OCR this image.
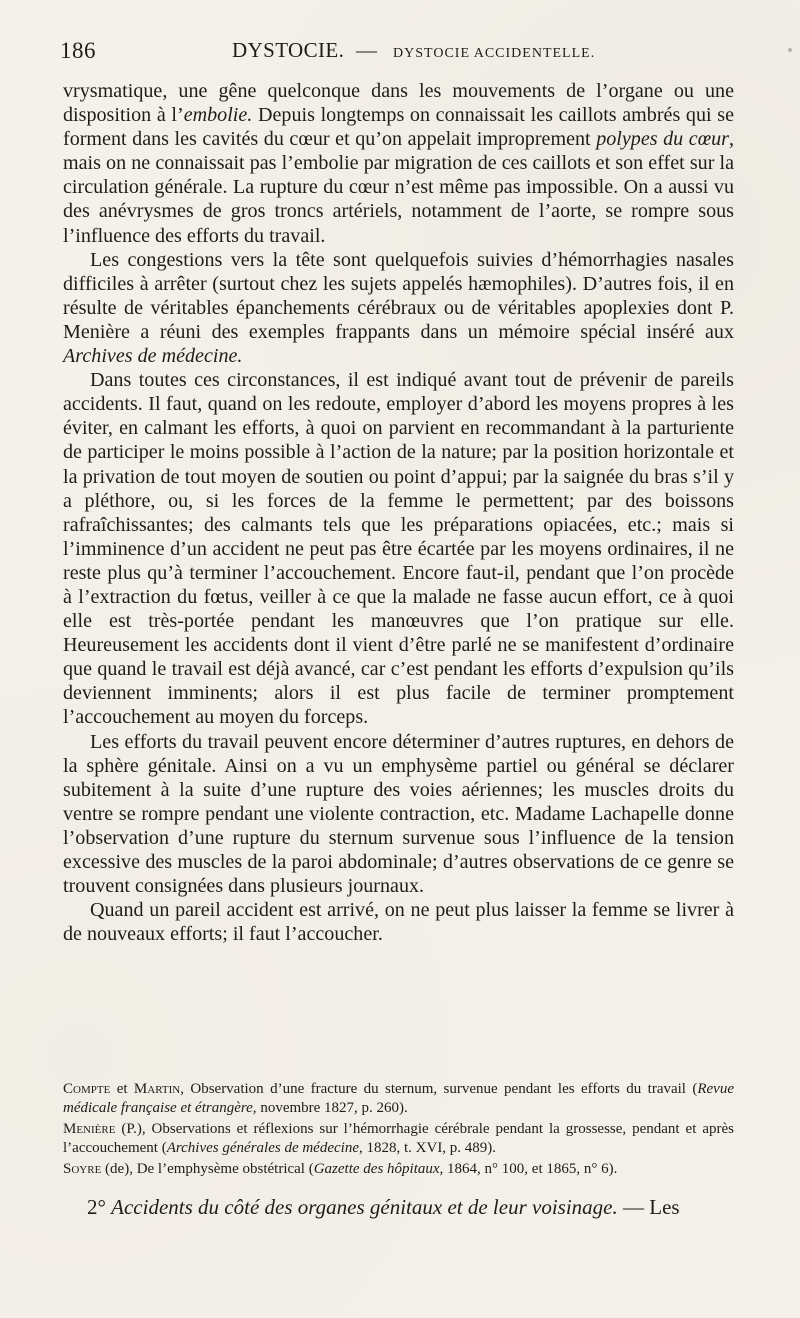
186	DYSTOCIE. — DYSTOCIE ACCIDENTELLE.

vrysmatique, une gêne quelconque dans les mouvements de l’organe ou une disposition à l’embolie. Depuis longtemps on connaissait les caillots ambrés qui se forment dans les cavités du cœur et qu’on appelait improprement polypes du cœur, mais on ne connaissait pas l’embolie par migration de ces caillots et son effet sur la circulation générale. La rupture du cœur n’est même pas impossible. On a aussi vu des anévrysmes de gros troncs artériels, notamment de l’aorte, se rompre sous l’influence des efforts du travail.

Les congestions vers la tête sont quelquefois suivies d’hémorrhagies nasales difficiles à arrêter (surtout chez les sujets appelés hæmophiles). D’autres fois, il en résulte de véritables épanchements cérébraux ou de véritables apoplexies dont P. Menière a réuni des exemples frappants dans un mémoire spécial inséré aux Archives de médecine.

Dans toutes ces circonstances, il est indiqué avant tout de prévenir de pareils accidents. Il faut, quand on les redoute, employer d’abord les moyens propres à les éviter, en calmant les efforts, à quoi on parvient en recommandant à la parturiente de participer le moins possible à l’action de la nature; par la position horizontale et la privation de tout moyen de soutien ou point d’appui; par la saignée du bras s’il y a pléthore, ou, si les forces de la femme le permettent; par des boissons rafraîchissantes; des calmants tels que les préparations opiacées, etc.; mais si l’imminence d’un accident ne peut pas être écartée par les moyens ordinaires, il ne reste plus qu’à terminer l’accouchement. Encore faut-il, pendant que l’on procède à l’extraction du fœtus, veiller à ce que la malade ne fasse aucun effort, ce à quoi elle est très-portée pendant les manœuvres que l’on pratique sur elle. Heureusement les accidents dont il vient d’être parlé ne se manifestent d’ordinaire que quand le travail est déjà avancé, car c’est pendant les efforts d’expulsion qu’ils deviennent imminents; alors il est plus facile de terminer promptement l’accouchement au moyen du forceps.

Les efforts du travail peuvent encore déterminer d’autres ruptures, en dehors de la sphère génitale. Ainsi on a vu un emphysème partiel ou général se déclarer subitement à la suite d’une rupture des voies aériennes; les muscles droits du ventre se rompre pendant une violente contraction, etc. Madame Lachapelle donne l’observation d’une rupture du sternum survenue sous l’influence de la tension excessive des muscles de la paroi abdominale; d’autres observations de ce genre se trouvent consignées dans plusieurs journaux.

Quand un pareil accident est arrivé, on ne peut plus laisser la femme se livrer à de nouveaux efforts; il faut l’accoucher.

Compte et Martin, Observation d’une fracture du sternum, survenue pendant les efforts du travail (Revue médicale française et étrangère, novembre 1827, p. 260).

Menière (P.), Observations et réflexions sur l’hémorrhagie cérébrale pendant la grossesse, pendant et après l’accouchement (Archives générales de médecine, 1828, t. XVI, p. 489).

Soyre (de), De l’emphysème obstétrical (Gazette des hôpitaux, 1864, n° 100, et 1865, n° 6).

2° Accidents du côté des organes génitaux et de leur voisinage. — Les
